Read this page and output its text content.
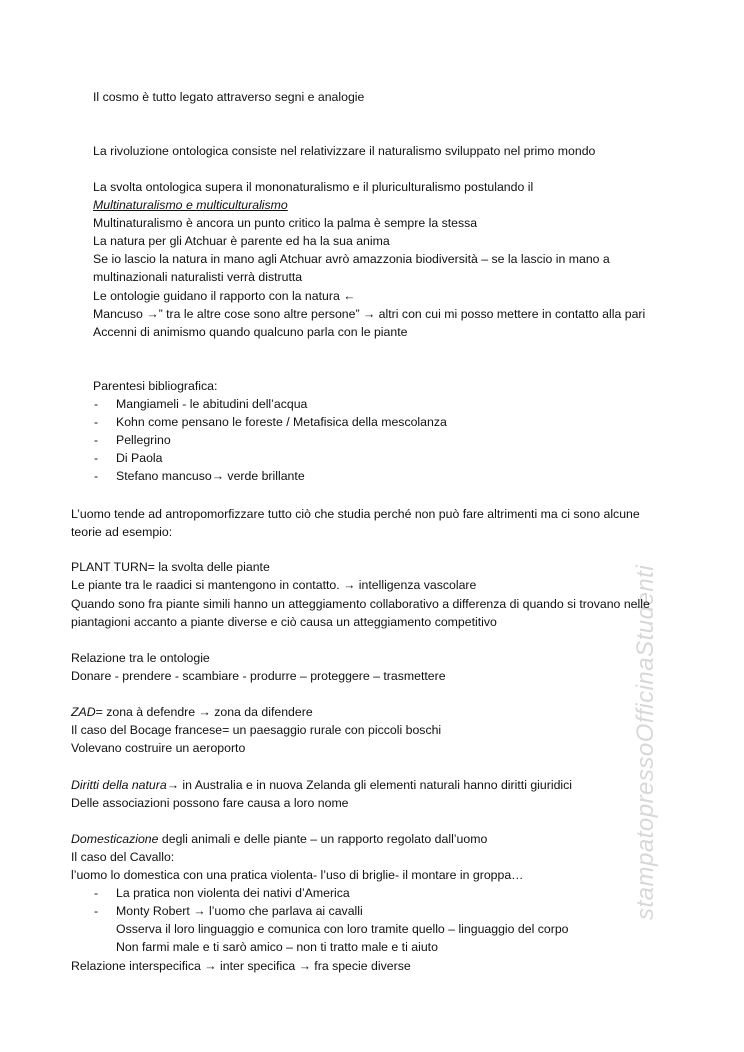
stampatopressoOfficinaStudenti
Il cosmo è tutto legato attraverso segni e analogie
La rivoluzione ontologica consiste nel relativizzare il naturalismo sviluppato nel primo mondo
La svolta ontologica supera il mononaturalismo e il pluriculturalismo postulando il
Multinaturalismo e multiculturalismo
Multinaturalismo è ancora un punto critico la palma è sempre la stessa
La natura per gli Atchuar è parente ed ha la sua anima
Se io lascio la natura in mano agli Atchuar avrò amazzonia biodiversità – se la lascio in mano a
multinazionali naturalisti verrà distrutta
Le ontologie guidano il rapporto con la natura ←
Mancuso →” tra le altre cose sono altre persone” → altri con cui mi posso mettere in contatto alla pari
Accenni di animismo quando qualcuno parla con le piante
Parentesi bibliografica:
- Mangiameli - le abitudini dell’acqua
- Kohn come pensano le foreste / Metafisica della mescolanza
- Pellegrino
- Di Paola
- Stefano mancuso→ verde brillante
L’uomo tende ad antropomorfizzare tutto ciò che studia perché non può fare altrimenti ma ci sono alcune
teorie ad esempio:
PLANT TURN= la svolta delle piante
Le piante tra le raadici si mantengono in contatto. → intelligenza vascolare
Quando sono fra piante simili hanno un atteggiamento collaborativo a differenza di quando si trovano nelle
piantagioni accanto a piante diverse e ciò causa un atteggiamento competitivo
Relazione tra le ontologie
Donare - prendere - scambiare - produrre – proteggere – trasmettere
ZAD= zona à defendre → zona da difendere
Il caso del Bocage francese= un paesaggio rurale con piccoli boschi
Volevano costruire un aeroporto
Diritti della natura→ in Australia e in nuova Zelanda gli elementi naturali hanno diritti giuridici
Delle associazioni possono fare causa a loro nome
Domesticazione degli animali e delle piante – un rapporto regolato dall’uomo
Il caso del Cavallo:
l’uomo lo domestica con una pratica violenta- l’uso di briglie- il montare in groppa…
- La pratica non violenta dei nativi d’America
- Monty Robert → l’uomo che parlava ai cavalli
Osserva il loro linguaggio e comunica con loro tramite quello – linguaggio del corpo
Non farmi male e ti sarò amico – non ti tratto male e ti aiuto
Relazione interspecifica → inter specifica → fra specie diverse
